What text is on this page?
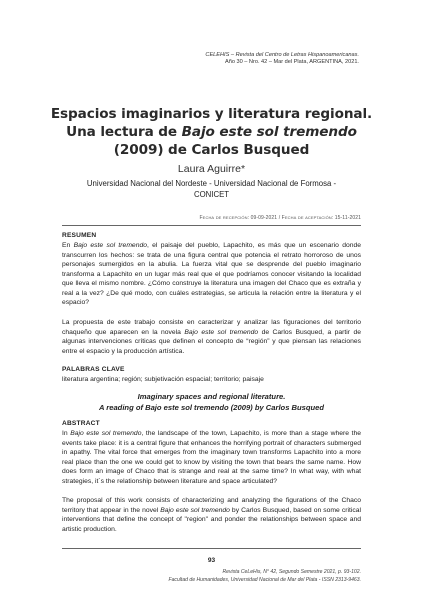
CELEHIS – Revista del Centro de Letras Hispanoamericanas.
Año 30 – Nro. 42 – Mar del Plata, ARGENTINA, 2021.
Espacios imaginarios y literatura regional.
Una lectura de Bajo este sol tremendo
(2009) de Carlos Busqued
Laura Aguirre*
Universidad Nacional del Nordeste - Universidad Nacional de Formosa -
CONICET
Fecha de recepción: 09-09-2021 / Fecha de aceptación: 15-11-2021
RESUMEN
En Bajo este sol tremendo, el paisaje del pueblo, Lapachito, es más que un escenario donde transcurren los hechos: se trata de una figura central que potencia el retrato horroroso de unos personajes sumergidos en la abulia. La fuerza vital que se desprende del pueblo imaginario transforma a Lapachito en un lugar más real que el que podríamos conocer visitando la localidad que lleva el mismo nombre. ¿Cómo construye la literatura una imagen del Chaco que es extraña y real a la vez? ¿De qué modo, con cuáles estrategias, se articula la relación entre la literatura y el espacio?
La propuesta de este trabajo consiste en caracterizar y analizar las figuraciones del territorio chaqueño que aparecen en la novela Bajo este sol tremendo de Carlos Busqued, a partir de algunas intervenciones críticas que definen el concepto de “región” y que piensan las relaciones entre el espacio y la producción artística.
PALABRAS CLAVE
literatura argentina; región; subjetivación espacial; territorio; paisaje
Imaginary spaces and regional literature.
A reading of Bajo este sol tremendo (2009) by Carlos Busqued
ABSTRACT
In Bajo este sol tremendo, the landscape of the town, Lapachito, is more than a stage where the events take place: it is a central figure that enhances the horrifying portrait of characters submerged in apathy. The vital force that emerges from the imaginary town transforms Lapachito into a more real place than the one we could get to know by visiting the town that bears the same name. How does form an image of Chaco that is strange and real at the same time? In what way, with what strategies, it´s the relationship between literature and space articulated?
The proposal of this work consists of characterizing and analyzing the figurations of the Chaco territory that appear in the novel Bajo este sol tremendo by Carlos Busqued, based on some critical interventions that define the concept of "region" and ponder the relationships between space and artistic production.
93
Revista CeLeHis, N° 42, Segundo Semestre 2021, p. 93-102.
Facultad de Humanidades, Universidad Nacional de Mar del Plata - ISSN 2313-9463.
